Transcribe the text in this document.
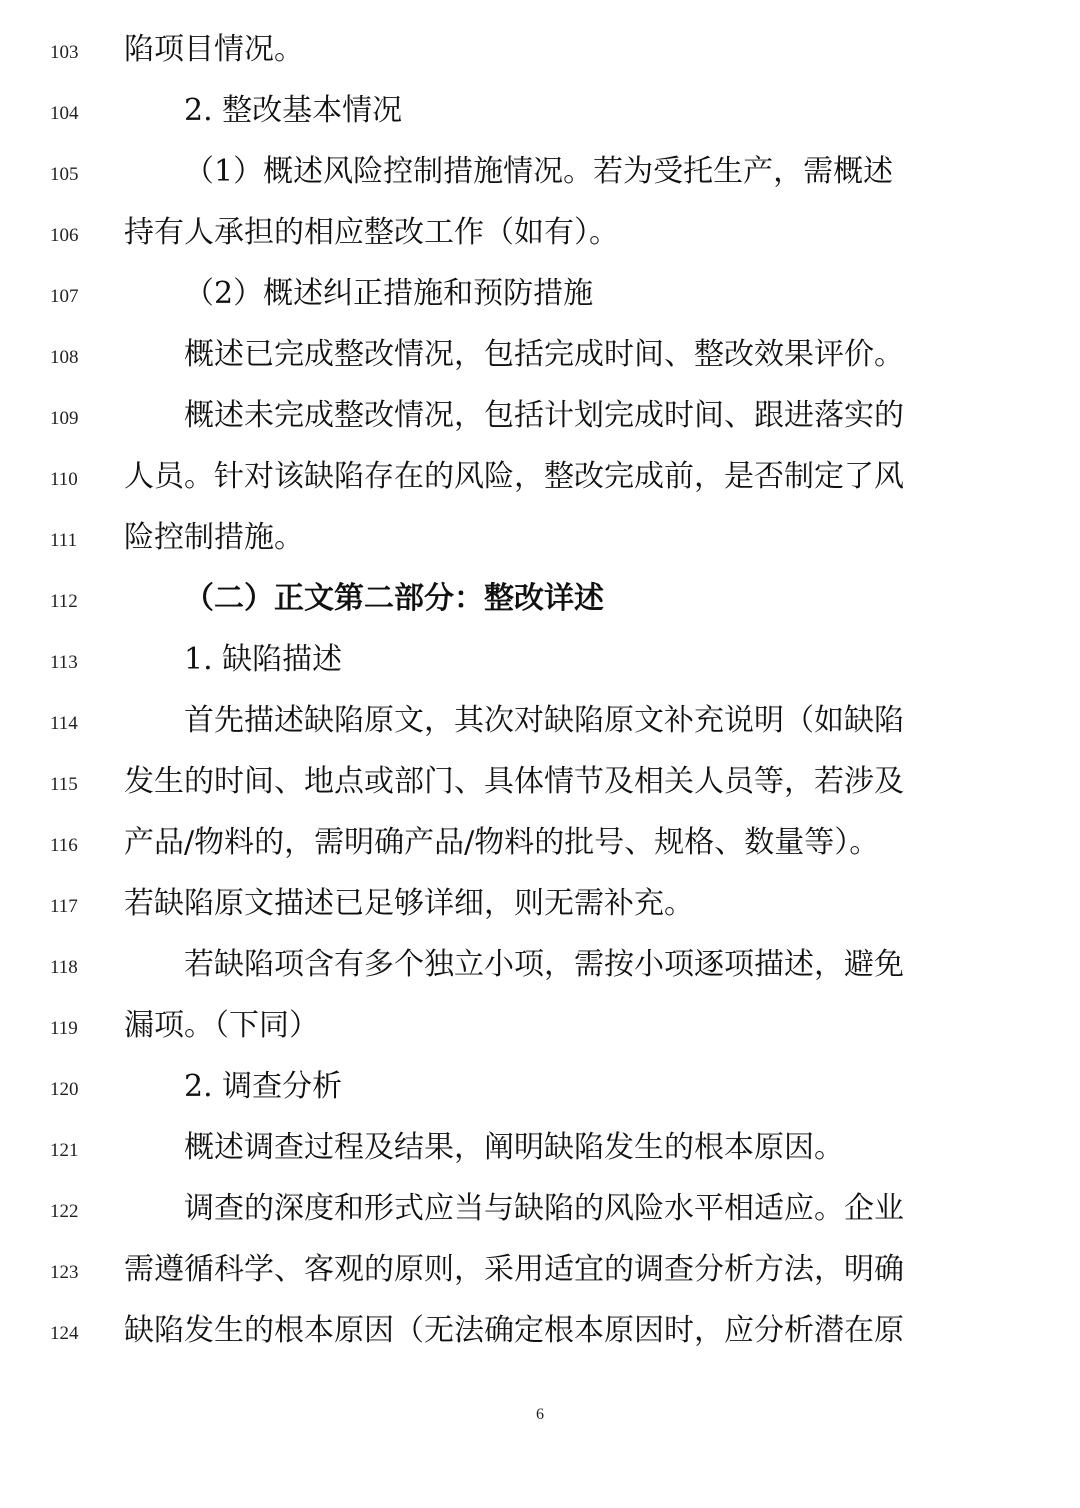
103	陷项目情况。
104	2. 整改基本情况
105	（1）概述风险控制措施情况。若为受托生产，需概述
106	持有人承担的相应整改工作（如有）。
107	（2）概述纠正措施和预防措施
108	概述已完成整改情况，包括完成时间、整改效果评价。
109	概述未完成整改情况，包括计划完成时间、跟进落实的
110	人员。针对该缺陷存在的风险，整改完成前，是否制定了风
111	险控制措施。
112	（二）正文第二部分：整改详述
113	1. 缺陷描述
114	首先描述缺陷原文，其次对缺陷原文补充说明（如缺陷
115	发生的时间、地点或部门、具体情节及相关人员等，若涉及
116	产品/物料的，需明确产品/物料的批号、规格、数量等）。
117	若缺陷原文描述已足够详细，则无需补充。
118	若缺陷项含有多个独立小项，需按小项逐项描述，避免
119	漏项。（下同）
120	2. 调查分析
121	概述调查过程及结果，阐明缺陷发生的根本原因。
122	调查的深度和形式应当与缺陷的风险水平相适应。企业
123	需遵循科学、客观的原则，采用适宜的调查分析方法，明确
124	缺陷发生的根本原因（无法确定根本原因时，应分析潜在原
6
